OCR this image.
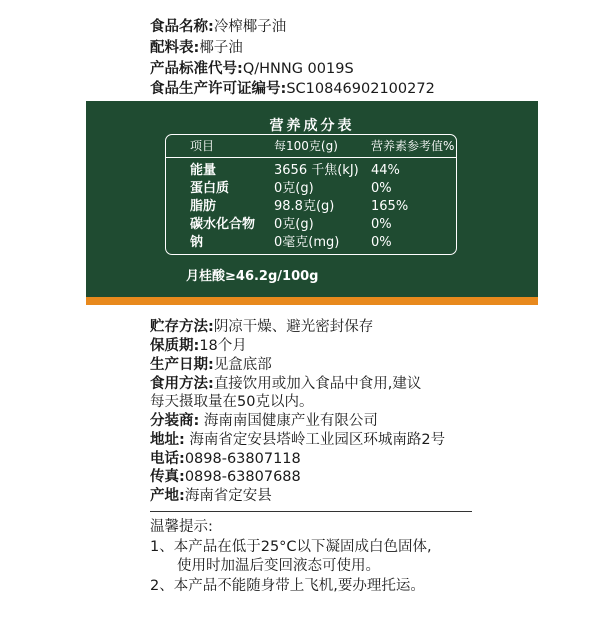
食品名称:冷榨椰子油
配料表:椰子油
产品标准代号:Q/HNNG 0019S
食品生产许可证编号:SC10846902100272
营养成分表
项目	每100克(g)	营养素参考值%
能量	3656 千焦(kJ) 44%
蛋白质	0克(g)	0%
脂肪	98.8克(g)	165%
碳水化合物 0克(g)	0%
钠	0毫克(mg) 0%
月桂酸≥46.2g/100g
贮存方法:阴凉干燥、避光密封保存
保质期:18个月
生产日期:见盒底部
食用方法:直接饮用或加入食品中食用,建议
每天摄取量在50克以内。
分装商: 海南南国健康产业有限公司
地址: 海南省定安县塔岭工业园区环城南路2号
电话:0898-63807118
传真:0898-63807688
产地:海南省定安县
温馨提示:
1、本产品在低于25°C以下凝固成白色固体,
使用时加温后变回液态可使用。
2、本产品不能随身带上飞机,要办理托运。
